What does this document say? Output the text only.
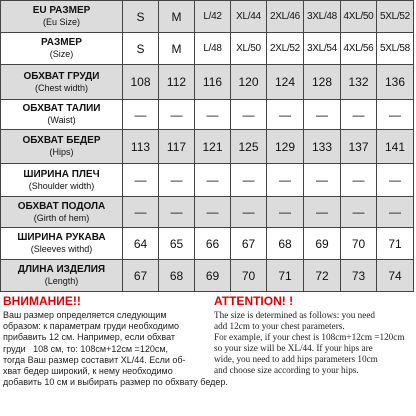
EU РАЗМЕР
(Eu Size)	S	M	L/42	XL/44	2XL/46	3XL/48	4XL/50	5XL/52

РАЗМЕР
(Size)	S	M	L/48	XL/50	2XL/52	3XL/54	4XL/56	5XL/58

ОБХВАТ ГРУДИ
(Chest width)	108	112	116	120	124	128	132	136

ОБХВАТ ТАЛИИ
(Waist)	—	—	—	—	—	—	—	—

ОБХВАТ БЕДЕР
(Hips)	113	117	121	125	129	133	137	141

ШИРИНА ПЛЕЧ
(Shoulder width)	—	—	—	—	—	—	—	—

ОБХВАТ ПОДОЛА
(Girth of hem)	—	—	—	—	—	—	—	—

ШИРИНА РУКАВА
(Sleeves withd)	64	65	66	67	68	69	70	71

ДЛИНА ИЗДЕЛИЯ
(Length)	67	68	69	70	71	72	73	74
ВНИМАНИЕ!!
Ваш размер определяется следующим
образом: к параметрам груди необходимо
прибавить 12 см. Например, если обхват
груди   108 см, то: 108см+12см =120см,
тогда Ваш размер составит XL/44. Если об-
хват бедер широкий, к нему необходимо
добавить 10 см и выбирать размер по обхвату бедер.
ATTENTION! !
The size is determined as follows: you need
add 12cm to your chest parameters.
For example, if your chest is 108cm+12cm =120cm
so your size will be XL/44. If your hips are
wide, you need to add hips parameters 10cm
and choose size according to your hips.
